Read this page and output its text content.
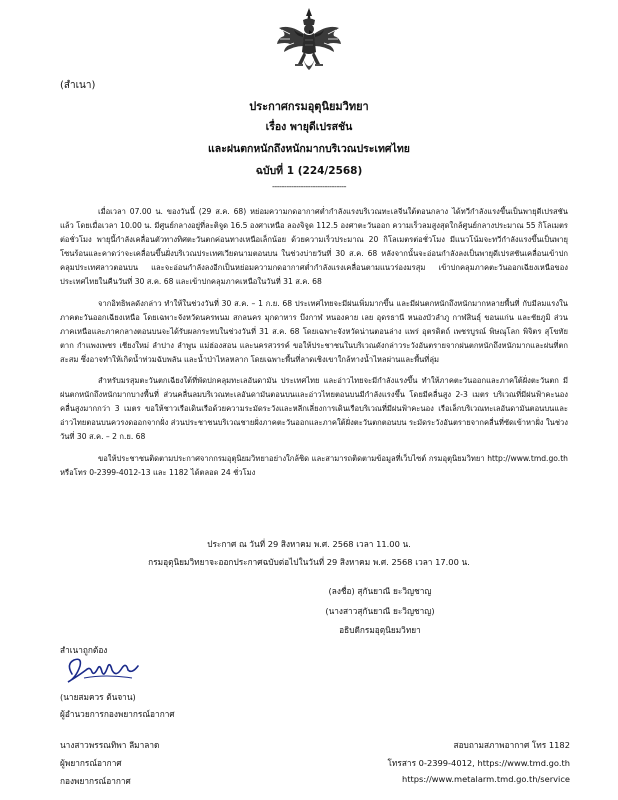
(สำเนา)
ประกาศกรมอุตุนิยมวิทยา
เรื่อง พายุดีเปรสชัน
และฝนตกหนักถึงหนักมากบริเวณประเทศไทย
ฉบับที่ 1 (224/2568)
-------------------------------

เมื่อเวลา 07.00 น. ของวันนี้ (29 ส.ค. 68) หย่อมความกดอากาศต่ำกำลังแรงบริเวณทะเลจีนใต้ตอนกลาง ได้ทวีกำลังแรงขึ้นเป็นพายุดีเปรสชันแล้ว โดยเมื่อเวลา 10.00 น. มีศูนย์กลางอยู่ที่ละติจูด 16.5 องศาเหนือ ลองจิจูด 112.5 องศาตะวันออก ความเร็วลมสูงสุดใกล้ศูนย์กลางประมาณ 55 กิโลเมตรต่อชั่วโมง พายุนี้กำลังเคลื่อนตัวทางทิศตะวันตกค่อนทางเหนือเล็กน้อย ด้วยความเร็วประมาณ 20 กิโลเมตรต่อชั่วโมง มีแนวโน้มจะทวีกำลังแรงขึ้นเป็นพายุโซนร้อนและคาดว่าจะเคลื่อนขึ้นฝั่งบริเวณประเทศเวียดนามตอนบน ในช่วงบ่ายวันที่ 30 ส.ค. 68 หลังจากนั้นจะอ่อนกำลังลงเป็นพายุดีเปรสชันเคลื่อนเข้าปกคลุมประเทศลาวตอนบน และจะอ่อนกำลังลงอีกเป็นหย่อมความกดอากาศต่ำกำลังแรงเคลื่อนตามแนวร่องมรสุม เข้าปกคลุมภาคตะวันออกเฉียงเหนือของประเทศไทยในคืนวันที่ 30 ส.ค. 68 และเข้าปกคลุมภาคเหนือในวันที่ 31 ส.ค. 68

จากอิทธิพลดังกล่าว ทำให้ในช่วงวันที่ 30 ส.ค. – 1 ก.ย. 68 ประเทศไทยจะมีฝนเพิ่มมากขึ้น และมีฝนตกหนักถึงหนักมากหลายพื้นที่ กับมีลมแรงในภาคตะวันออกเฉียงเหนือ โดยเฉพาะจังหวัดนครพนม สกลนคร มุกดาหาร บึงกาฬ หนองคาย เลย อุดรธานี หนองบัวลำภู กาฬสินธุ์ ขอนแก่น และชัยภูมิ ส่วนภาคเหนือและภาคกลางตอนบนจะได้รับผลกระทบในช่วงวันที่ 31 ส.ค. 68 โดยเฉพาะจังหวัดน่านตอนล่าง แพร่ อุตรดิตถ์ เพชรบูรณ์ พิษณุโลก พิจิตร สุโขทัย ตาก กำแพงเพชร เชียงใหม่ ลำปาง ลำพูน แม่ฮ่องสอน และนครสวรรค์ ขอให้ประชาชนในบริเวณดังกล่าวระวังอันตรายจากฝนตกหนักถึงหนักมากและฝนที่ตกสะสม ซึ่งอาจทำให้เกิดน้ำท่วมฉับพลัน และน้ำป่าไหลหลาก โดยเฉพาะพื้นที่ลาดเชิงเขาใกล้ทางน้ำไหลผ่านและพื้นที่ลุ่ม

สำหรับมรสุมตะวันตกเฉียงใต้ที่พัดปกคลุมทะเลอันดามัน ประเทศไทย และอ่าวไทยจะมีกำลังแรงขึ้น ทำให้ภาคตะวันออกและภาคใต้ฝั่งตะวันตก มีฝนตกหนักถึงหนักมากบางพื้นที่ ส่วนคลื่นลมบริเวณทะเลอันดามันตอนบนและอ่าวไทยตอนบนมีกำลังแรงขึ้น โดยมีคลื่นสูง 2-3 เมตร บริเวณที่มีฝนฟ้าคะนองคลื่นสูงมากกว่า 3 เมตร ขอให้ชาวเรือเดินเรือด้วยความระมัดระวังและหลีกเลี่ยงการเดินเรือบริเวณที่มีฝนฟ้าคะนอง เรือเล็กบริเวณทะเลอันดามันตอนบนและอ่าวไทยตอนบนควรงดออกจากฝั่ง ส่วนประชาชนบริเวณชายฝั่งภาคตะวันออกและภาคใต้ฝั่งตะวันตกตอนบน ระมัดระวังอันตรายจากคลื่นที่ซัดเข้าหาฝั่ง ในช่วงวันที่ 30 ส.ค. – 2 ก.ย. 68

ขอให้ประชาชนติดตามประกาศจากกรมอุตุนิยมวิทยาอย่างใกล้ชิด และสามารถติดตามข้อมูลที่เว็บไซต์ กรมอุตุนิยมวิทยา http://www.tmd.go.th หรือโทร 0-2399-4012-13 และ 1182 ได้ตลอด 24 ชั่วโมง

ประกาศ ณ วันที่ 29 สิงหาคม พ.ศ. 2568 เวลา 11.00 น.
กรมอุตุนิยมวิทยาจะออกประกาศฉบับต่อไปในวันที่ 29 สิงหาคม พ.ศ. 2568 เวลา 17.00 น.
(ลงชื่อ) สุกันยาณี ยะวิญชาญ
(นางสาวสุกันยาณี ยะวิญชาญ)
อธิบดีกรมอุตุนิยมวิทยา
สำเนาถูกต้อง
(นายสมควร ต้นจาน)
ผู้อำนวยการกองพยากรณ์อากาศ
นางสาวพรรณทิพา ลีมาลาด
ผู้พยากรณ์อากาศ
กองพยากรณ์อากาศ
สอบถามสภาพอากาศ โทร 1182
โทรสาร 0-2399-4012, https://www.tmd.go.th
https://www.metalarm.tmd.go.th/service
